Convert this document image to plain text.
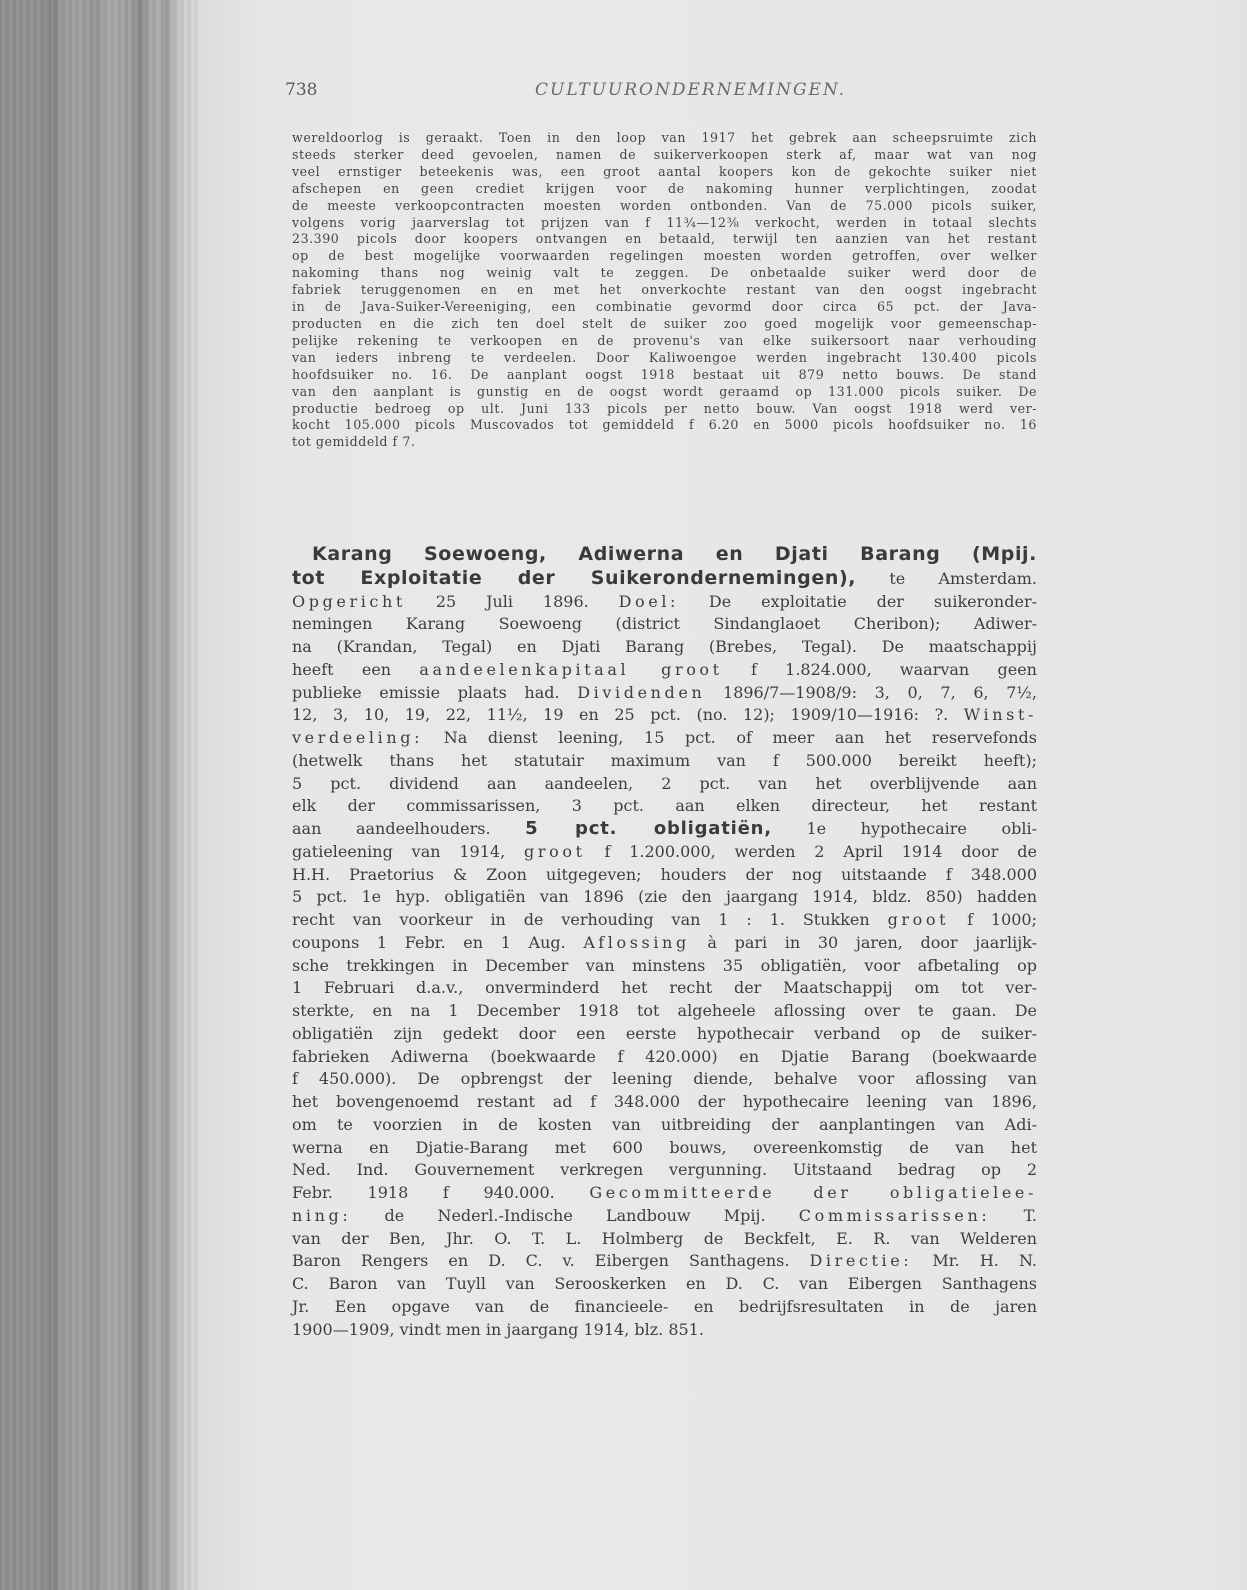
738	CULTUURONDERNEMINGEN.
wereldoorlog is geraakt. Toen in den loop van 1917 het gebrek aan scheepsruimte zich
steeds sterker deed gevoelen, namen de suikerverkoopen sterk af, maar wat van nog
veel ernstiger beteekenis was, een groot aantal koopers kon de gekochte suiker niet
afschepen en geen crediet krijgen voor de nakoming hunner verplichtingen, zoodat
de meeste verkoopcontracten moesten worden ontbonden. Van de 75.000 picols suiker,
volgens vorig jaarverslag tot prijzen van f 11¾—12⅜ verkocht, werden in totaal slechts
23.390 picols door koopers ontvangen en betaald, terwijl ten aanzien van het restant
op de best mogelijke voorwaarden regelingen moesten worden getroffen, over welker
nakoming thans nog weinig valt te zeggen. De onbetaalde suiker werd door de
fabriek teruggenomen en en met het onverkochte restant van den oogst ingebracht
in de Java-Suiker-Vereeniging, een combinatie gevormd door circa 65 pct. der Java-
producten en die zich ten doel stelt de suiker zoo goed mogelijk voor gemeenschap-
pelijke rekening te verkoopen en de provenu's van elke suikersoort naar verhouding
van ieders inbreng te verdeelen. Door Kaliwoengoe werden ingebracht 130.400 picols
hoofdsuiker no. 16. De aanplant oogst 1918 bestaat uit 879 netto bouws. De stand
van den aanplant is gunstig en de oogst wordt geraamd op 131.000 picols suiker. De
productie bedroeg op ult. Juni 133 picols per netto bouw. Van oogst 1918 werd ver-
kocht 105.000 picols Muscovados tot gemiddeld f 6.20 en 5000 picols hoofdsuiker no. 16
tot gemiddeld f 7.
Karang Soewoeng, Adiwerna en Djati Barang (Mpij.
tot Exploitatie der Suikerondernemingen), te Amsterdam.
Opgericht 25 Juli 1896. Doel: De exploitatie der suikeronder-
nemingen Karang Soewoeng (district Sindanglaoet Cheribon); Adiwer-
na (Krandan, Tegal) en Djati Barang (Brebes, Tegal). De maatschappij
heeft een aandeelenkapitaal groot f 1.824.000, waarvan geen
publieke emissie plaats had. Dividenden 1896/7—1908/9: 3, 0, 7, 6, 7½,
12, 3, 10, 19, 22, 11½, 19 en 25 pct. (no. 12); 1909/10—1916: ?. Winst-
verdeeling: Na dienst leening, 15 pct. of meer aan het reservefonds
(hetwelk thans het statutair maximum van f 500.000 bereikt heeft);
5 pct. dividend aan aandeelen, 2 pct. van het overblijvende aan
elk der commissarissen, 3 pct. aan elken directeur, het restant
aan aandeelhouders. 5 pct. obligatiën, 1e hypothecaire obli-
gatieleening van 1914, groot f 1.200.000, werden 2 April 1914 door de
H.H. Praetorius & Zoon uitgegeven; houders der nog uitstaande f 348.000
5 pct. 1e hyp. obligatiën van 1896 (zie den jaargang 1914, bldz. 850) hadden
recht van voorkeur in de verhouding van 1 : 1. Stukken groot f 1000;
coupons 1 Febr. en 1 Aug. Aflossing à pari in 30 jaren, door jaarlijk-
sche trekkingen in December van minstens 35 obligatiën, voor afbetaling op
1 Februari d.a.v., onverminderd het recht der Maatschappij om tot ver-
sterkte, en na 1 December 1918 tot algeheele aflossing over te gaan. De
obligatiën zijn gedekt door een eerste hypothecair verband op de suiker-
fabrieken Adiwerna (boekwaarde f 420.000) en Djatie Barang (boekwaarde
f 450.000). De opbrengst der leening diende, behalve voor aflossing van
het bovengenoemd restant ad f 348.000 der hypothecaire leening van 1896,
om te voorzien in de kosten van uitbreiding der aanplantingen van Adi-
werna en Djatie-Barang met 600 bouws, overeenkomstig de van het
Ned. Ind. Gouvernement verkregen vergunning. Uitstaand bedrag op 2
Febr. 1918 f 940.000. Gecommitteerde der obligatielee-
ning: de Nederl.-Indische Landbouw Mpij. Commissarissen: T.
van der Ben, Jhr. O. T. L. Holmberg de Beckfelt, E. R. van Welderen
Baron Rengers en D. C. v. Eibergen Santhagens. Directie: Mr. H. N.
C. Baron van Tuyll van Serooskerken en D. C. van Eibergen Santhagens
Jr. Een opgave van de financieele- en bedrijfsresultaten in de jaren
1900—1909, vindt men in jaargang 1914, blz. 851.
